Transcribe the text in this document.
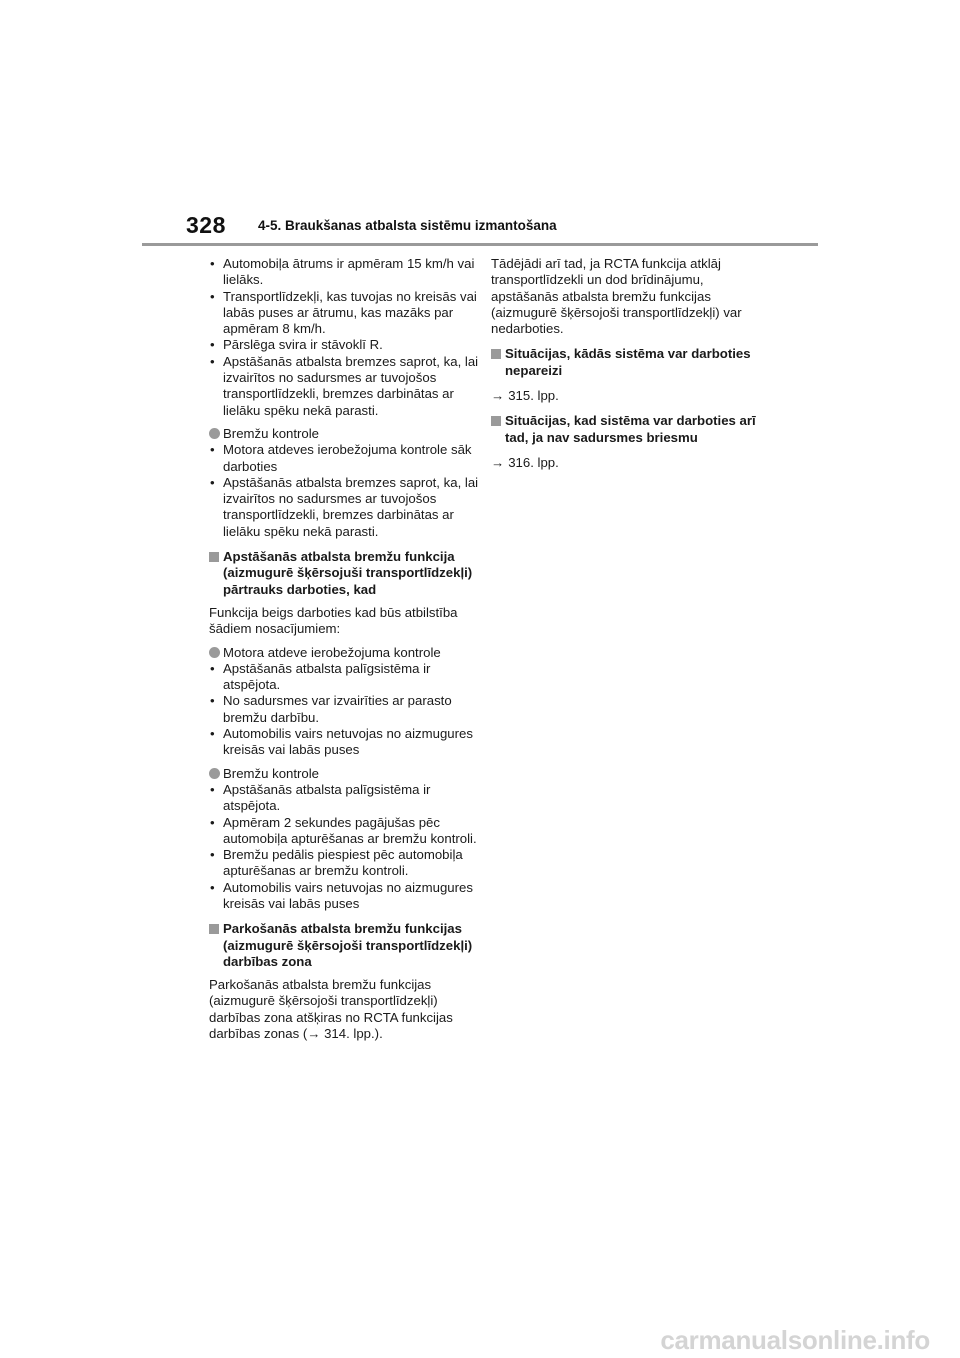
328 4-5. Braukšanas atbalsta sistēmu izmantošana
• Automobiļa ātrums ir apmēram 15 km/h vai lielāks.
• Transportlīdzekļi, kas tuvojas no kreisās vai labās puses ar ātrumu, kas mazāks par apmēram 8 km/h.
• Pārslēga svira ir stāvoklī R.
• Apstāšanās atbalsta bremzes saprot, ka, lai izvairītos no sadursmes ar tuvojošos transportlīdzekli, bremzes darbinātas ar lielāku spēku nekā parasti.
Bremžu kontrole
• Motora atdeves ierobežojuma kontrole sāk darboties
• Apstāšanās atbalsta bremzes saprot, ka, lai izvairītos no sadursmes ar tuvojošos transportlīdzekli, bremzes darbinātas ar lielāku spēku nekā parasti.
Apstāšanās atbalsta bremžu funkcija (aizmugurē šķērsojuši transportlīdzekļi) pārtrauks darboties, kad
Funkcija beigs darboties kad būs atbilstība šādiem nosacījumiem:
Motora atdeve ierobežojuma kontrole
• Apstāšanās atbalsta palīgsistēma ir atspējota.
• No sadursmes var izvairīties ar parasto bremžu darbību.
• Automobilis vairs netuvojas no aizmugures kreisās vai labās puses
Bremžu kontrole
• Apstāšanās atbalsta palīgsistēma ir atspējota.
• Apmēram 2 sekundes pagājušas pēc automobiļa apturēšanas ar bremžu kontroli.
• Bremžu pedālis piespiest pēc automobiļa apturēšanas ar bremžu kontroli.
• Automobilis vairs netuvojas no aizmugures kreisās vai labās puses
Parkošanās atbalsta bremžu funkcijas (aizmugurē šķērsojoši transportlīdzekļi) darbības zona
Parkošanās atbalsta bremžu funkcijas (aizmugurē šķērsojoši transportlīdzekļi) darbības zona atšķiras no RCTA funkcijas darbības zonas (→ 314. lpp.).
Tādējādi arī tad, ja RCTA funkcija atklāj transportlīdzekli un dod brīdinājumu, apstāšanās atbalsta bremžu funkcijas (aizmugurē šķērsojoši transportlīdzekļi) var nedarboties.
Situācijas, kādās sistēma var darboties nepareizi
→ 315. lpp.
Situācijas, kad sistēma var darboties arī tad, ja nav sadursmes briesmu
→ 316. lpp.
carmanualsonline.info
